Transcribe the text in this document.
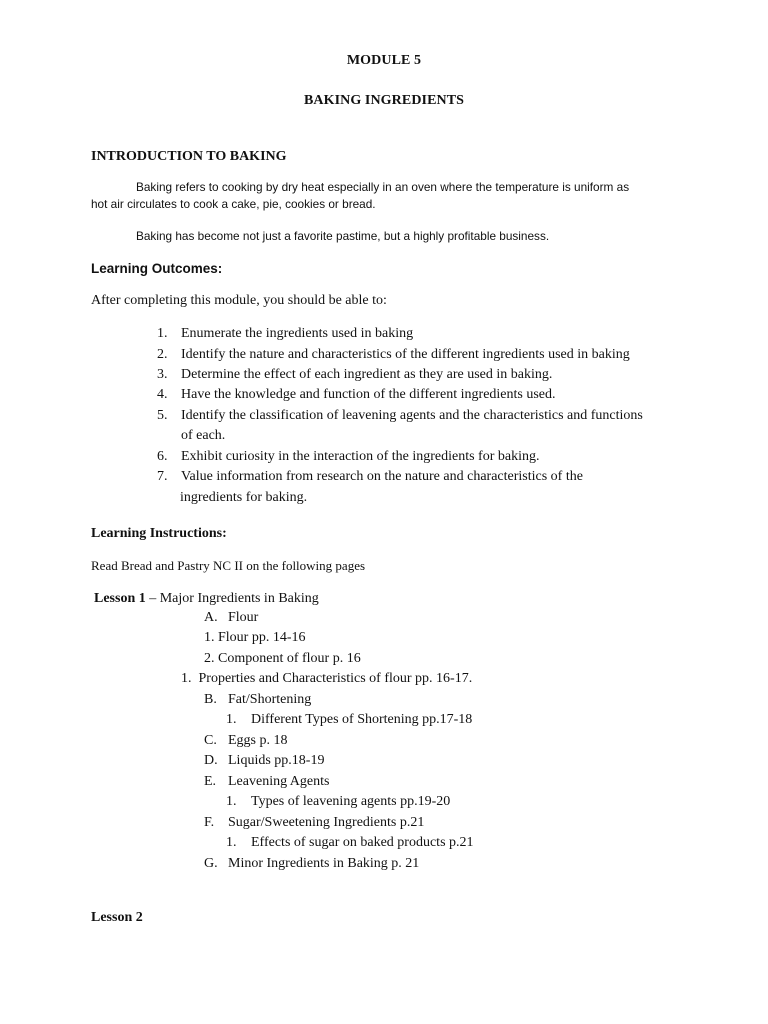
MODULE 5
BAKING INGREDIENTS
INTRODUCTION TO BAKING
Baking refers to cooking by dry heat especially in an oven where the temperature is uniform as
hot air circulates to cook a cake, pie, cookies or bread.
Baking has become not just a favorite pastime, but a highly profitable business.
Learning Outcomes:
After completing this module, you should be able to:
1. Enumerate the ingredients used in baking
2. Identify the nature and characteristics of the different ingredients used in baking
3. Determine the effect of each ingredient as they are used in baking.
4. Have the knowledge and function of the different ingredients used.
5. Identify the classification of leavening agents and the characteristics and functions
of each.
6. Exhibit curiosity in the interaction of the ingredients for baking.
7. Value information from research on the nature and characteristics of the
ingredients for baking.
Learning Instructions:
Read Bread and Pastry NC II on the following pages
Lesson 1 – Major Ingredients in Baking
A. Flour
1. Flour pp. 14-16
2. Component of flour p. 16
1. Properties and Characteristics of flour pp. 16-17.
B. Fat/Shortening
1. Different Types of Shortening pp.17-18
C. Eggs p. 18
D. Liquids pp.18-19
E. Leavening Agents
1. Types of leavening agents pp.19-20
F. Sugar/Sweetening Ingredients p.21
1. Effects of sugar on baked products p.21
G. Minor Ingredients in Baking p. 21
Lesson 2
